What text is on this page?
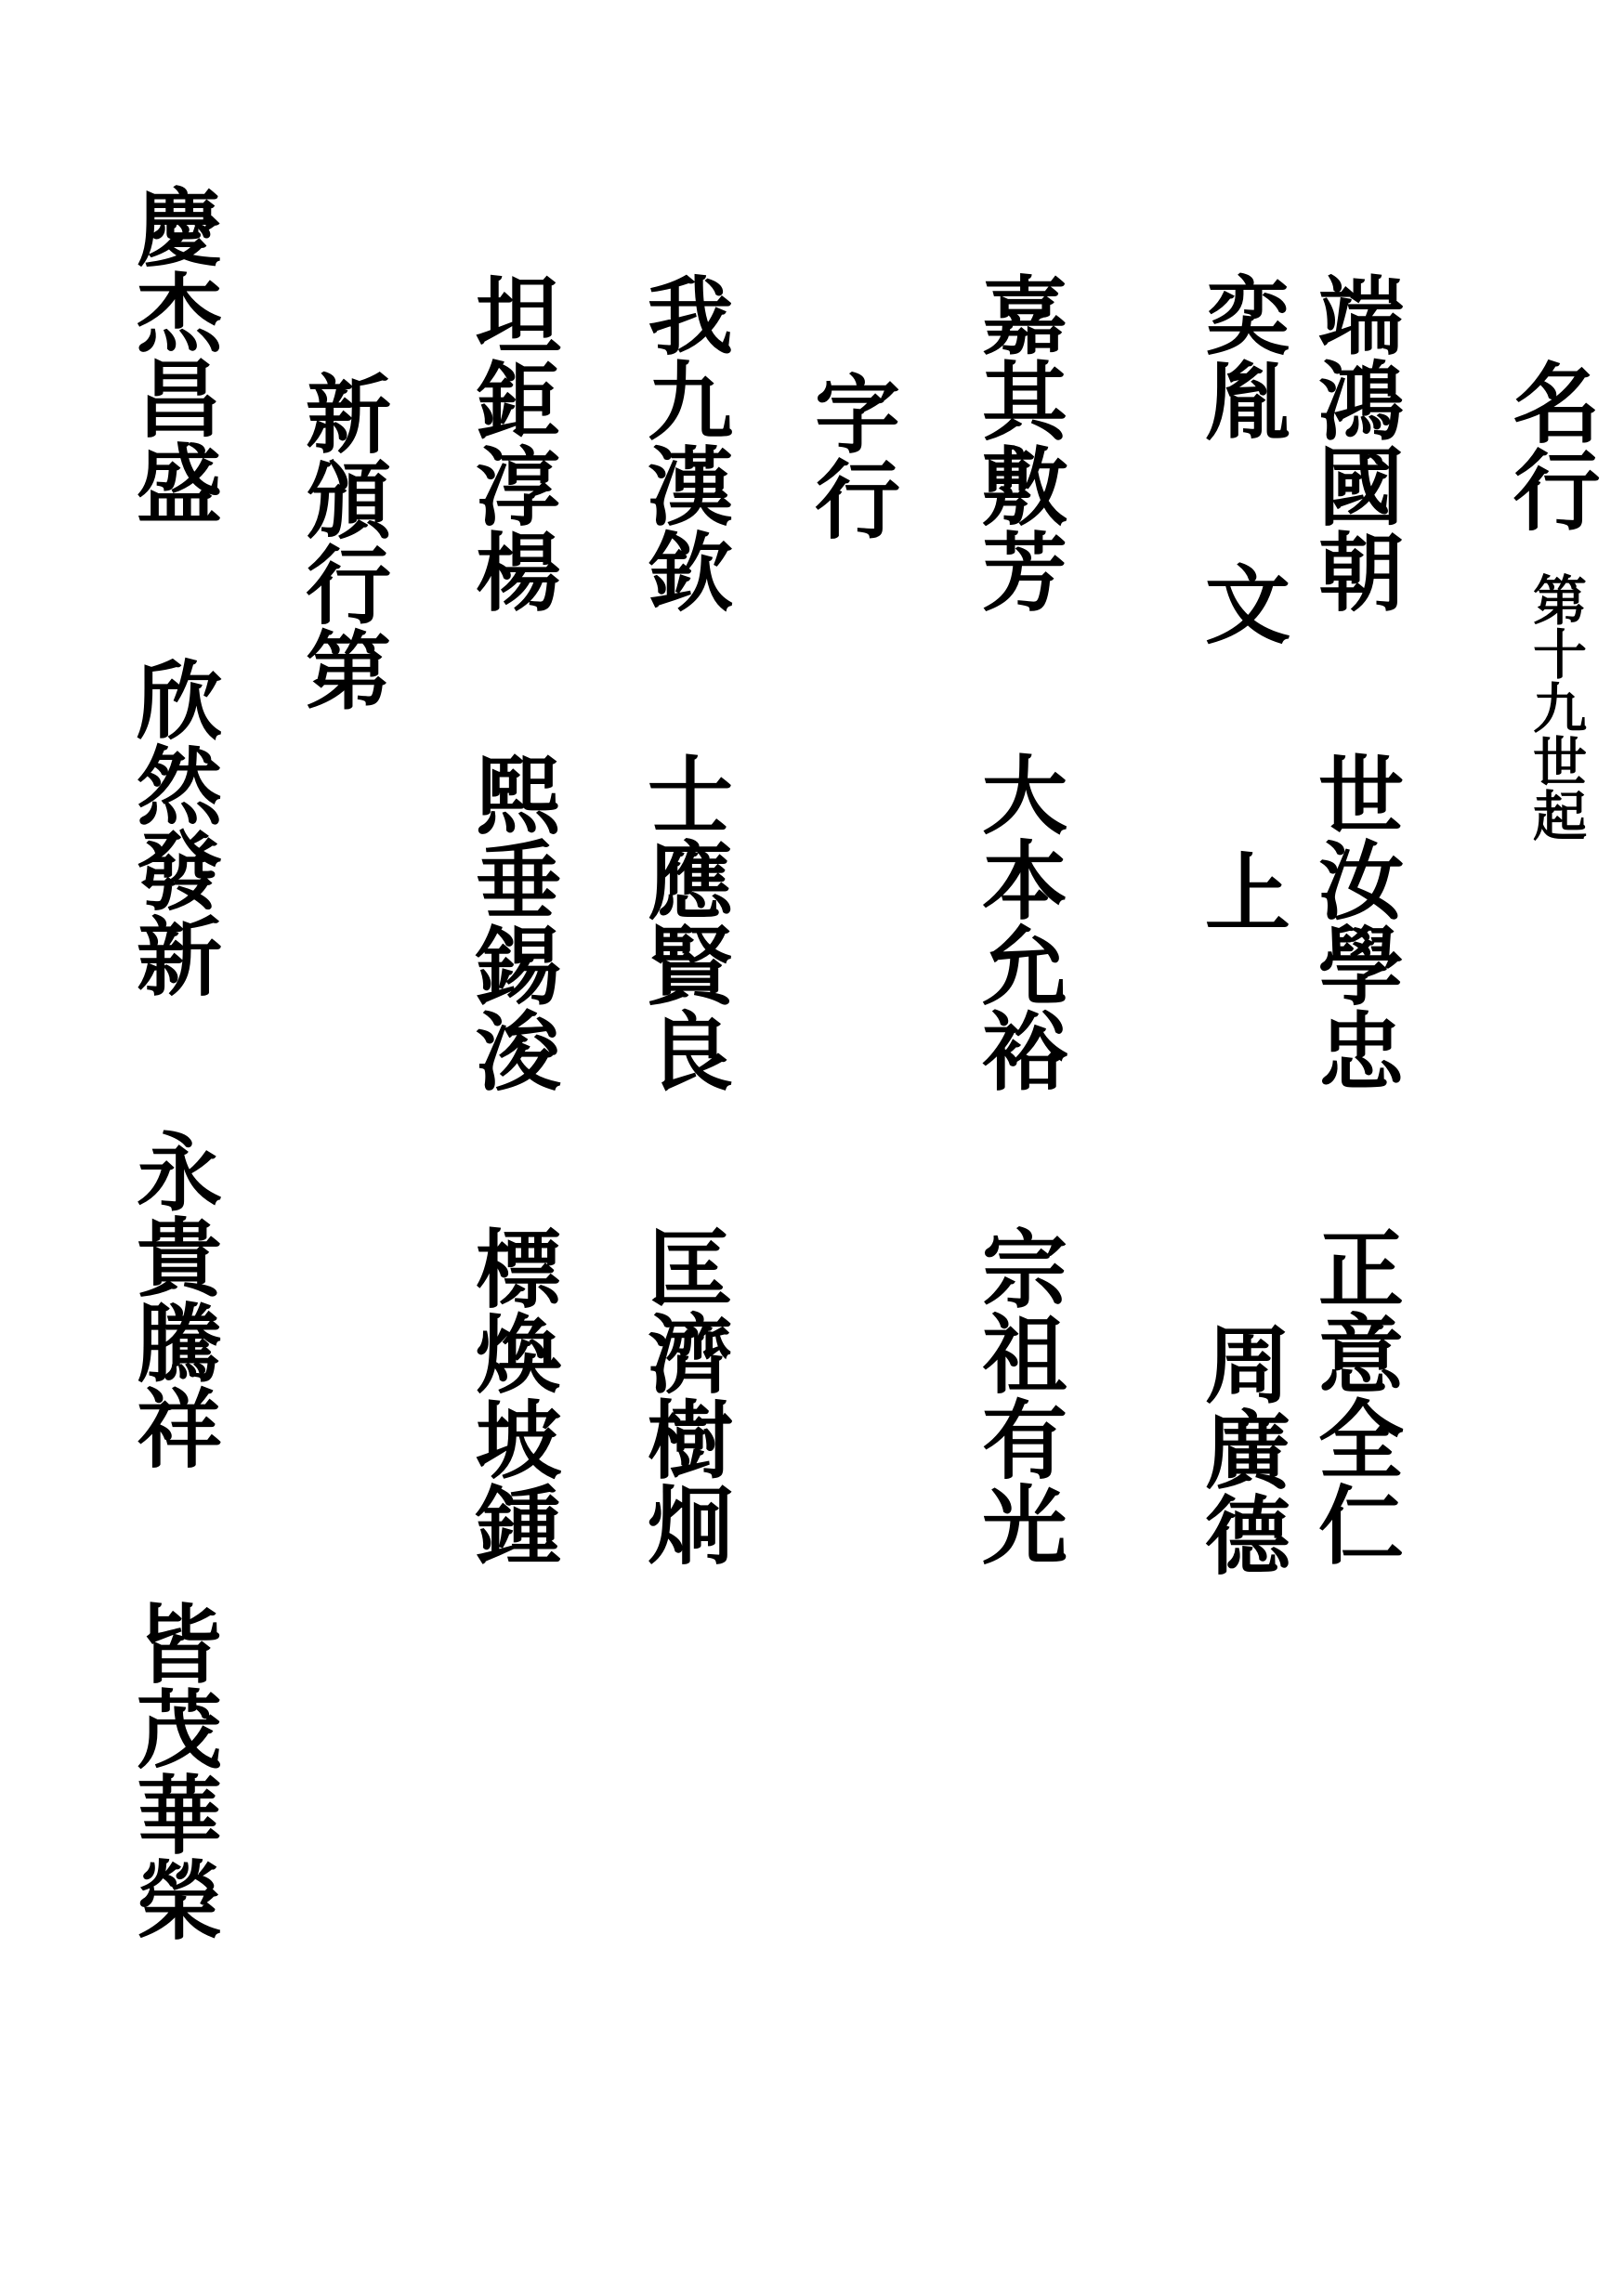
名行
第十九世起
端鴻國朝
世汝學忠
正意全仁
奕胤
文
上
周廣德
嘉其敷芳
大本允裕
宗祖有光
字行
我九漢欽
士應賢良
匡濟樹炯
坦鉅淳楊
熙垂錫浚
標煥坡鍾
新頒行第
慶杰昌盛
欣然發新
永貴騰祥
皆茂華榮
